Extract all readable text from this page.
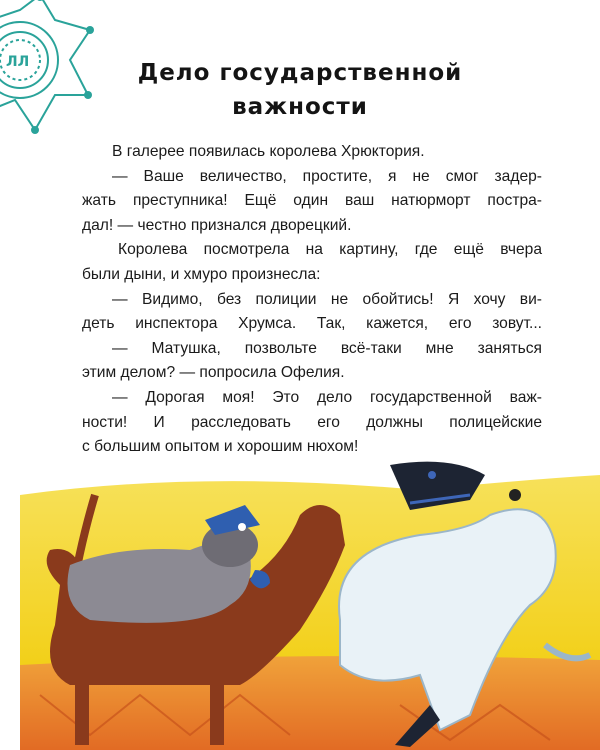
ЛЛ	Дело государственной
важности
В галерее появилась королева Хрюктория.
— Ваше величество, простите, я не смог задер-
жать преступника! Ещё один ваш натюрморт постра-
дал! — честно признался дворецкий.
Королева посмотрела на картину, где ещё вчера
были дыни, и хмуро произнесла:
— Видимо, без полиции не обойтись! Я хочу ви-
деть инспектора Хрумса. Так, кажется, его зовут...
— Матушка, позвольте всё-таки мне заняться
этим делом? — попросила Офелия.
— Дорогая моя! Это дело государственной важ-
ности! И расследовать его должны полицейские
с большим опытом и хорошим нюхом!
